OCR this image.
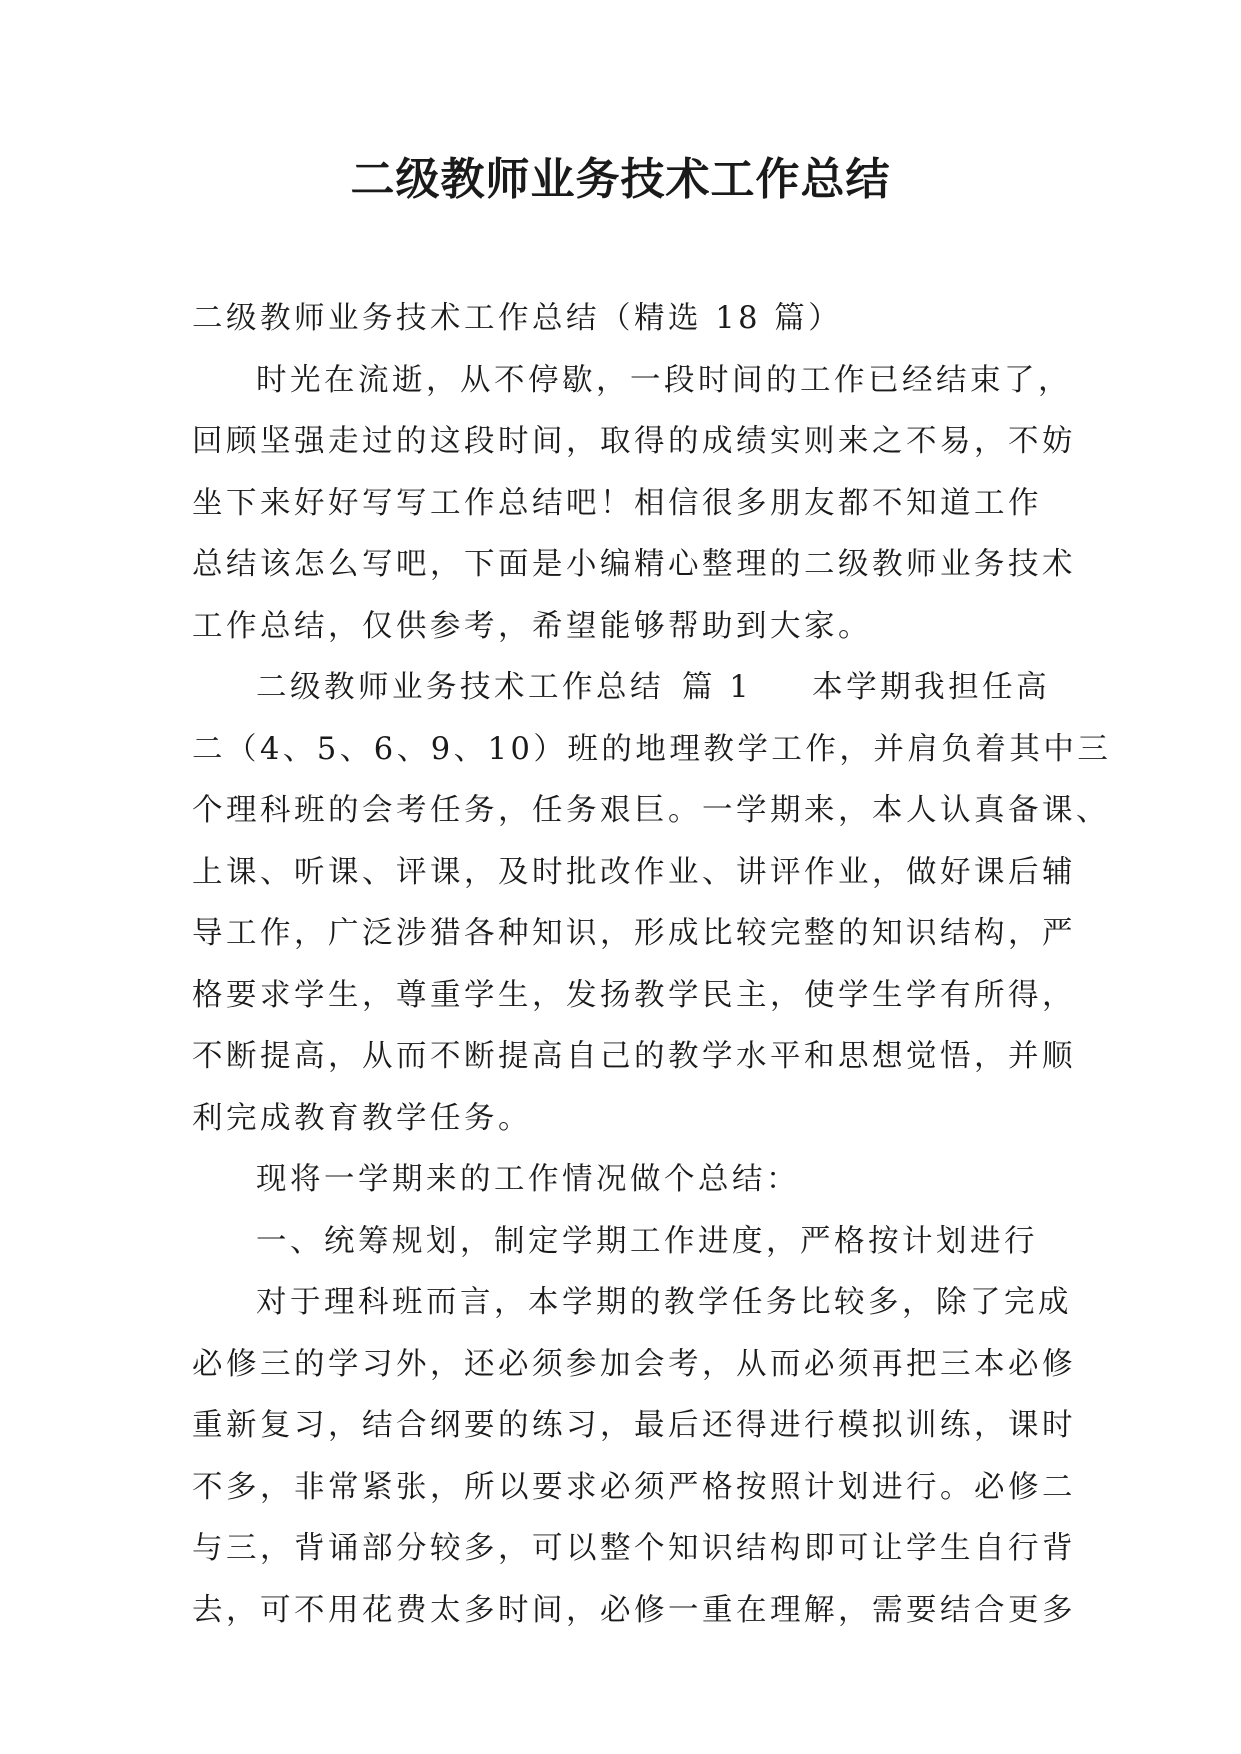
二级教师业务技术工作总结
二级教师业务技术工作总结（精选 18 篇）
时光在流逝，从不停歇，一段时间的工作已经结束了，
回顾坚强走过的这段时间，取得的成绩实则来之不易，不妨
坐下来好好写写工作总结吧！相信很多朋友都不知道工作
总结该怎么写吧，下面是小编精心整理的二级教师业务技术
工作总结，仅供参考，希望能够帮助到大家。
二级教师业务技术工作总结 篇 1 本学期我担任高
二（4、5、6、9、10）班的地理教学工作，并肩负着其中三
个理科班的会考任务，任务艰巨。一学期来，本人认真备课、
上课、听课、评课，及时批改作业、讲评作业，做好课后辅
导工作，广泛涉猎各种知识，形成比较完整的知识结构，严
格要求学生，尊重学生，发扬教学民主，使学生学有所得，
不断提高，从而不断提高自己的教学水平和思想觉悟，并顺
利完成教育教学任务。
现将一学期来的工作情况做个总结：
一、统筹规划，制定学期工作进度，严格按计划进行
对于理科班而言，本学期的教学任务比较多，除了完成
必修三的学习外，还必须参加会考，从而必须再把三本必修
重新复习，结合纲要的练习，最后还得进行模拟训练，课时
不多，非常紧张，所以要求必须严格按照计划进行。必修二
与三，背诵部分较多，可以整个知识结构即可让学生自行背
去，可不用花费太多时间，必修一重在理解，需要结合更多
